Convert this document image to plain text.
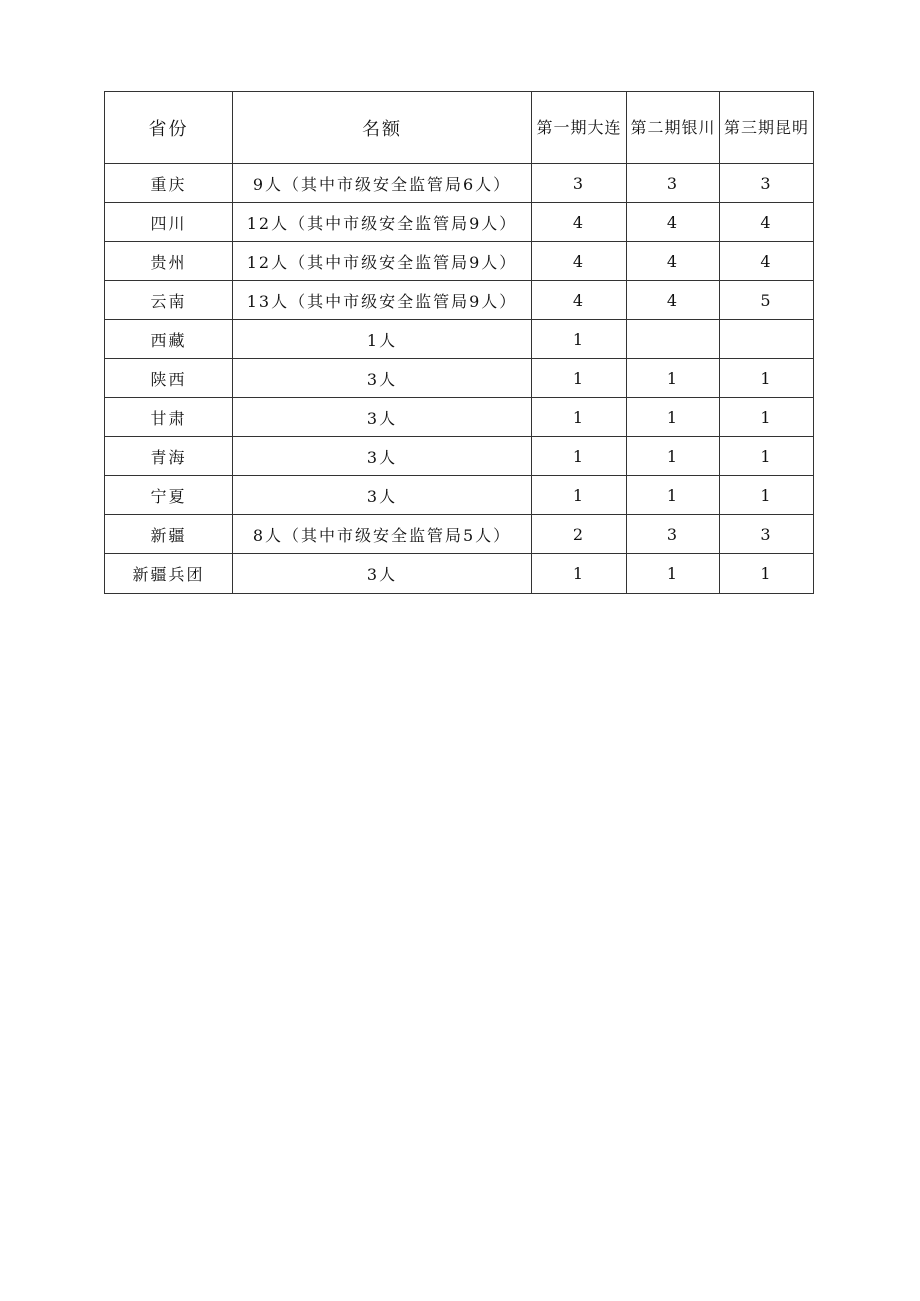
省份	名额	第一期大连	第二期银川	第三期昆明
重庆	9人（其中市级安全监管局6人）	3	3	3
四川	12人（其中市级安全监管局9人）	4	4	4
贵州	12人（其中市级安全监管局9人）	4	4	4
云南	13人（其中市级安全监管局9人）	4	4	5
西藏	1人	1		
陕西	3人	1	1	1
甘肃	3人	1	1	1
青海	3人	1	1	1
宁夏	3人	1	1	1
新疆	8人（其中市级安全监管局5人）	2	3	3
新疆兵团	3人	1	1	1
